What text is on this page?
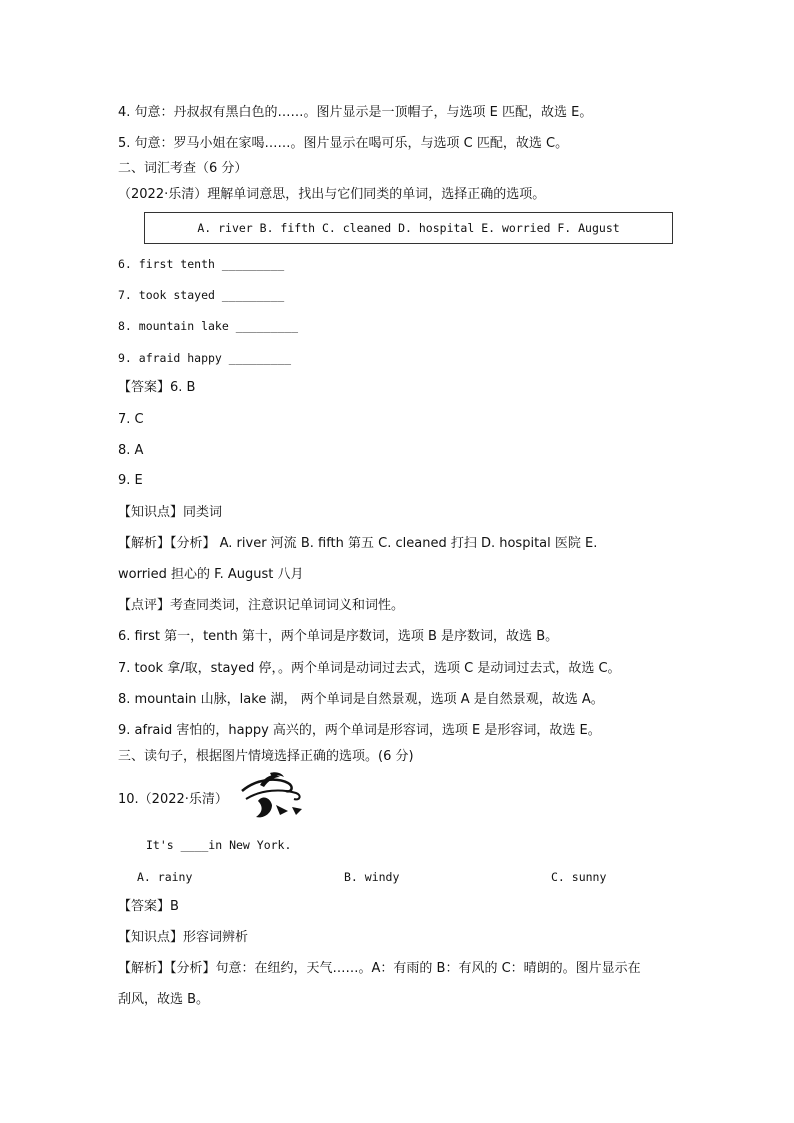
4. 句意：丹叔叔有黑白色的……。图片显示是一顶帽子，与选项 E 匹配，故选 E。
5. 句意：罗马小姐在家喝……。图片显示在喝可乐，与选项 C 匹配，故选 C。
二、词汇考查（6 分）
（2022·乐清）理解单词意思，找出与它们同类的单词，选择正确的选项。
A. river B. fifth C. cleaned D. hospital E. worried F. August
6. first tenth _________
7. took stayed _________
8. mountain lake _________
9. afraid happy _________
【答案】6. B
7. C
8. A
9. E
【知识点】同类词
【解析】【分析】 A. river 河流 B. fifth 第五 C. cleaned 打扫 D. hospital 医院 E.
worried 担心的 F. August 八月
【点评】考查同类词，注意识记单词词义和词性。
6. first 第一，tenth 第十，两个单词是序数词，选项 B 是序数词，故选 B。
7. took 拿/取，stayed 停，。两个单词是动词过去式，选项 C 是动词过去式，故选 C。
8. mountain 山脉，lake 湖， 两个单词是自然景观，选项 A 是自然景观，故选 A。
9. afraid 害怕的，happy 高兴的，两个单词是形容词，选项 E 是形容词，故选 E。
三、读句子，根据图片情境选择正确的选项。(6 分)
10.（2022·乐清）
It's ____in New York.
A. rainy	B. windy	C. sunny
【答案】B
【知识点】形容词辨析
【解析】【分析】句意：在纽约，天气……。A：有雨的 B：有风的 C：晴朗的。图片显示在
刮风，故选 B。
